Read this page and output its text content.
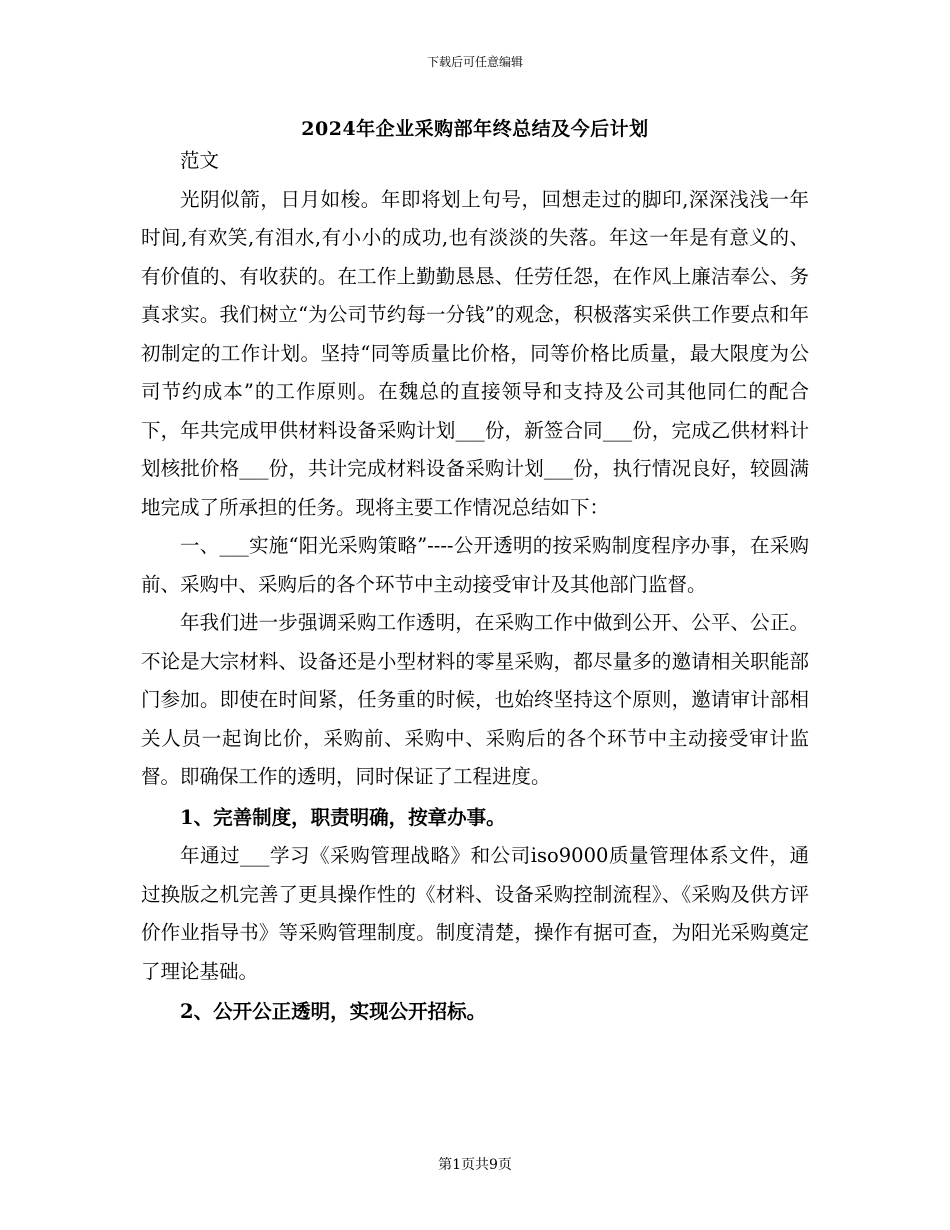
下载后可任意编辑
2024年企业采购部年终总结及今后计划

范文

光阴似箭，日月如梭。年即将划上句号，回想走过的脚印,深深浅浅一年时间,有欢笑,有泪水,有小小的成功,也有淡淡的失落。年这一年是有意义的、有价值的、有收获的。在工作上勤勤恳恳、任劳任怨，在作风上廉洁奉公、务真求实。我们树立“为公司节约每一分钱”的观念，积极落实采供工作要点和年初制定的工作计划。坚持“同等质量比价格，同等价格比质量，最大限度为公司节约成本”的工作原则。在魏总的直接领导和支持及公司其他同仁的配合下，年共完成甲供材料设备采购计划___份，新签合同___份，完成乙供材料计划核批价格___份，共计完成材料设备采购计划___份，执行情况良好，较圆满地完成了所承担的任务。现将主要工作情况总结如下：

一、___实施“阳光采购策略”----公开透明的按采购制度程序办事，在采购前、采购中、采购后的各个环节中主动接受审计及其他部门监督。

年我们进一步强调采购工作透明，在采购工作中做到公开、公平、公正。不论是大宗材料、设备还是小型材料的零星采购，都尽量多的邀请相关职能部门参加。即使在时间紧，任务重的时候，也始终坚持这个原则，邀请审计部相关人员一起询比价，采购前、采购中、采购后的各个环节中主动接受审计监督。即确保工作的透明，同时保证了工程进度。

1、完善制度，职责明确，按章办事。

年通过___学习《采购管理战略》和公司iso9000质量管理体系文件，通过换版之机完善了更具操作性的《材料、设备采购控制流程》、《采购及供方评价作业指导书》等采购管理制度。制度清楚，操作有据可查，为阳光采购奠定了理论基础。

2、公开公正透明，实现公开招标。

第1页共9页
